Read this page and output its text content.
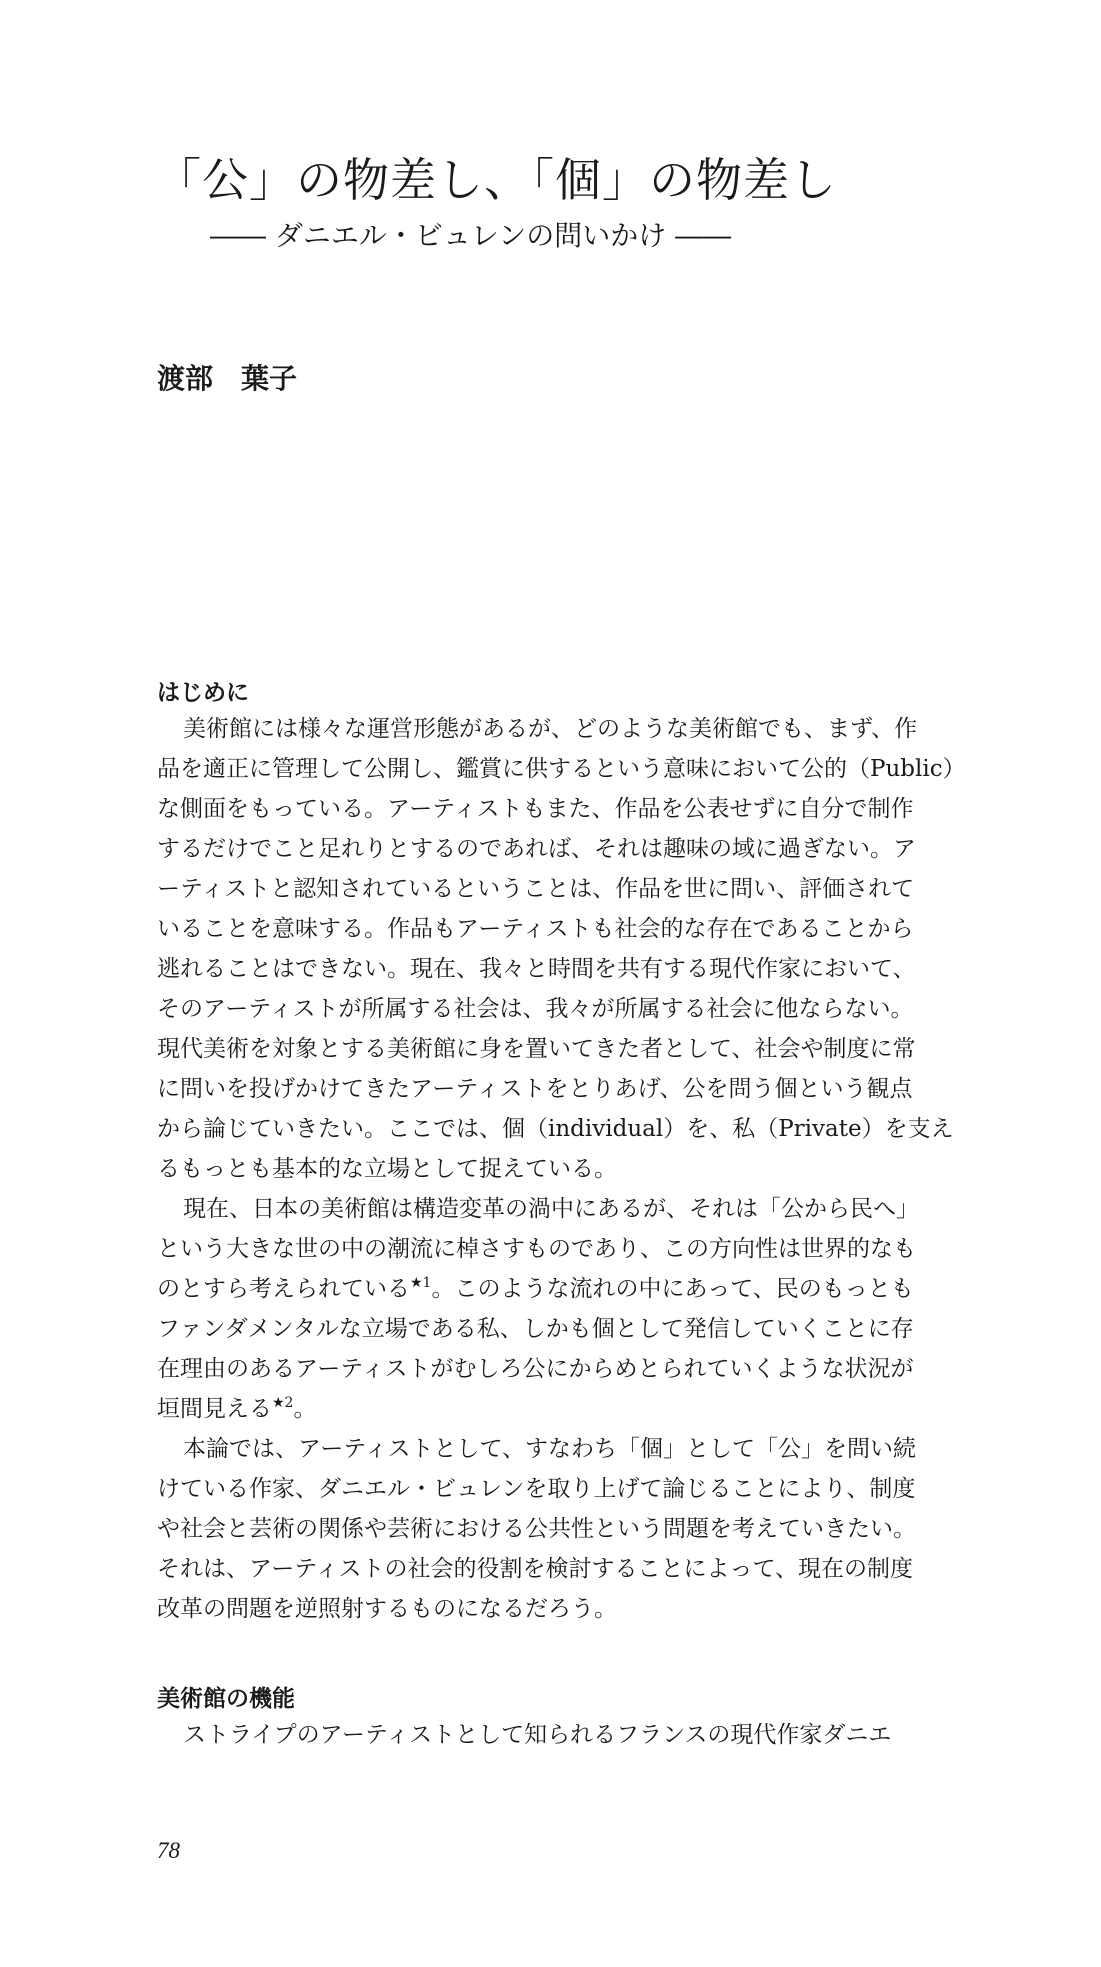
「公」の物差し、「個」の物差し
―― ダニエル・ビュレンの問いかけ ――
渡部　葉子
はじめに
美術館には様々な運営形態があるが、どのような美術館でも、まず、作
品を適正に管理して公開し、鑑賞に供するという意味において公的（Public）
な側面をもっている。アーティストもまた、作品を公表せずに自分で制作
するだけでこと足れりとするのであれば、それは趣味の域に過ぎない。ア
ーティストと認知されているということは、作品を世に問い、評価されて
いることを意味する。作品もアーティストも社会的な存在であることから
逃れることはできない。現在、我々と時間を共有する現代作家において、
そのアーティストが所属する社会は、我々が所属する社会に他ならない。
現代美術を対象とする美術館に身を置いてきた者として、社会や制度に常
に問いを投げかけてきたアーティストをとりあげ、公を問う個という観点
から論じていきたい。ここでは、個（individual）を、私（Private）を支え
るもっとも基本的な立場として捉えている。
現在、日本の美術館は構造変革の渦中にあるが、それは「公から民へ」
という大きな世の中の潮流に棹さすものであり、この方向性は世界的なも
のとすら考えられている$^{★1}$。このような流れの中にあって、民のもっとも
ファンダメンタルな立場である私、しかも個として発信していくことに存
在理由のあるアーティストがむしろ公にからめとられていくような状況が
垣間見える$^{★2}$。
本論では、アーティストとして、すなわち「個」として「公」を問い続
けている作家、ダニエル・ビュレンを取り上げて論じることにより、制度
や社会と芸術の関係や芸術における公共性という問題を考えていきたい。
それは、アーティストの社会的役割を検討することによって、現在の制度
改革の問題を逆照射するものになるだろう。
美術館の機能
ストライプのアーティストとして知られるフランスの現代作家ダニエ
78
